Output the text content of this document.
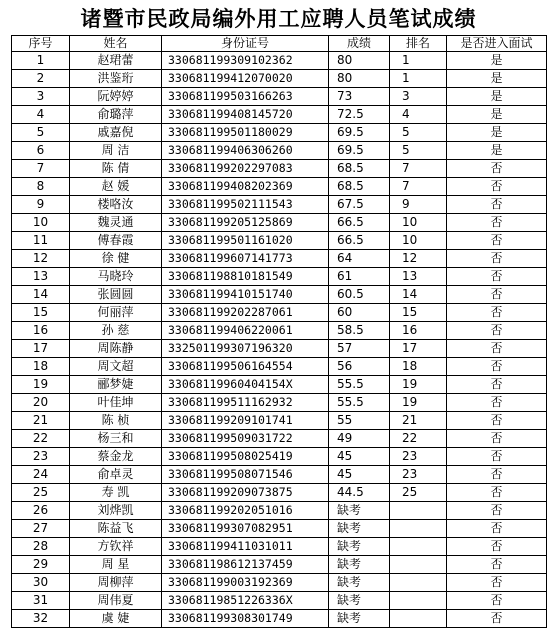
诸暨市民政局编外用工应聘人员笔试成绩
序号	姓名	身份证号	成绩	排名	是否进入面试
1	赵珺蕾	330681199309102362	80	1	是
2	洪鉴珩	330681199412070020	80	1	是
3	阮婷婷	330681199503166263	73	3	是
4	俞璐萍	330681199408145720	72.5	4	是
5	戚嘉倪	330681199501180029	69.5	5	是
6	周 洁	330681199406306260	69.5	5	是
7	陈 倩	330681199202297083	68.5	7	否
8	赵 媛	330681199408202369	68.5	7	否
9	楼咯汝	330681199502111543	67.5	9	否
10	魏灵通	330681199205125869	66.5	10	否
11	傅春霞	330681199501161020	66.5	10	否
12	徐 健	330681199607141773	64	12	否
13	马晓玲	330681198810181549	61	13	否
14	张圆圆	330681199410151740	60.5	14	否
15	何丽萍	330681199202287061	60	15	否
16	孙 慈	330681199406220061	58.5	16	否
17	周陈静	332501199307196320	57	17	否
18	周文超	330681199506164554	56	18	否
19	郦梦婕	33068119960404154X	55.5	19	否
20	叶佳坤	330681199511162932	55.5	19	否
21	陈 桢	330681199209101741	55	21	否
22	杨三和	330681199509031722	49	22	否
23	蔡金龙	330681199508025419	45	23	否
24	俞卓灵	330681199508071546	45	23	否
25	寿 凯	330681199209073875	44.5	25	否
26	刘烨凯	330681199202051016	缺考		否
27	陈益飞	330681199307082951	缺考		否
28	方钦祥	330681199411031011	缺考		否
29	周 星	330681198612137459	缺考		否
30	周柳萍	330681199003192369	缺考		否
31	周伟夏	33068119851226336X	缺考		否
32	虞 婕	330681199308301749	缺考		否
